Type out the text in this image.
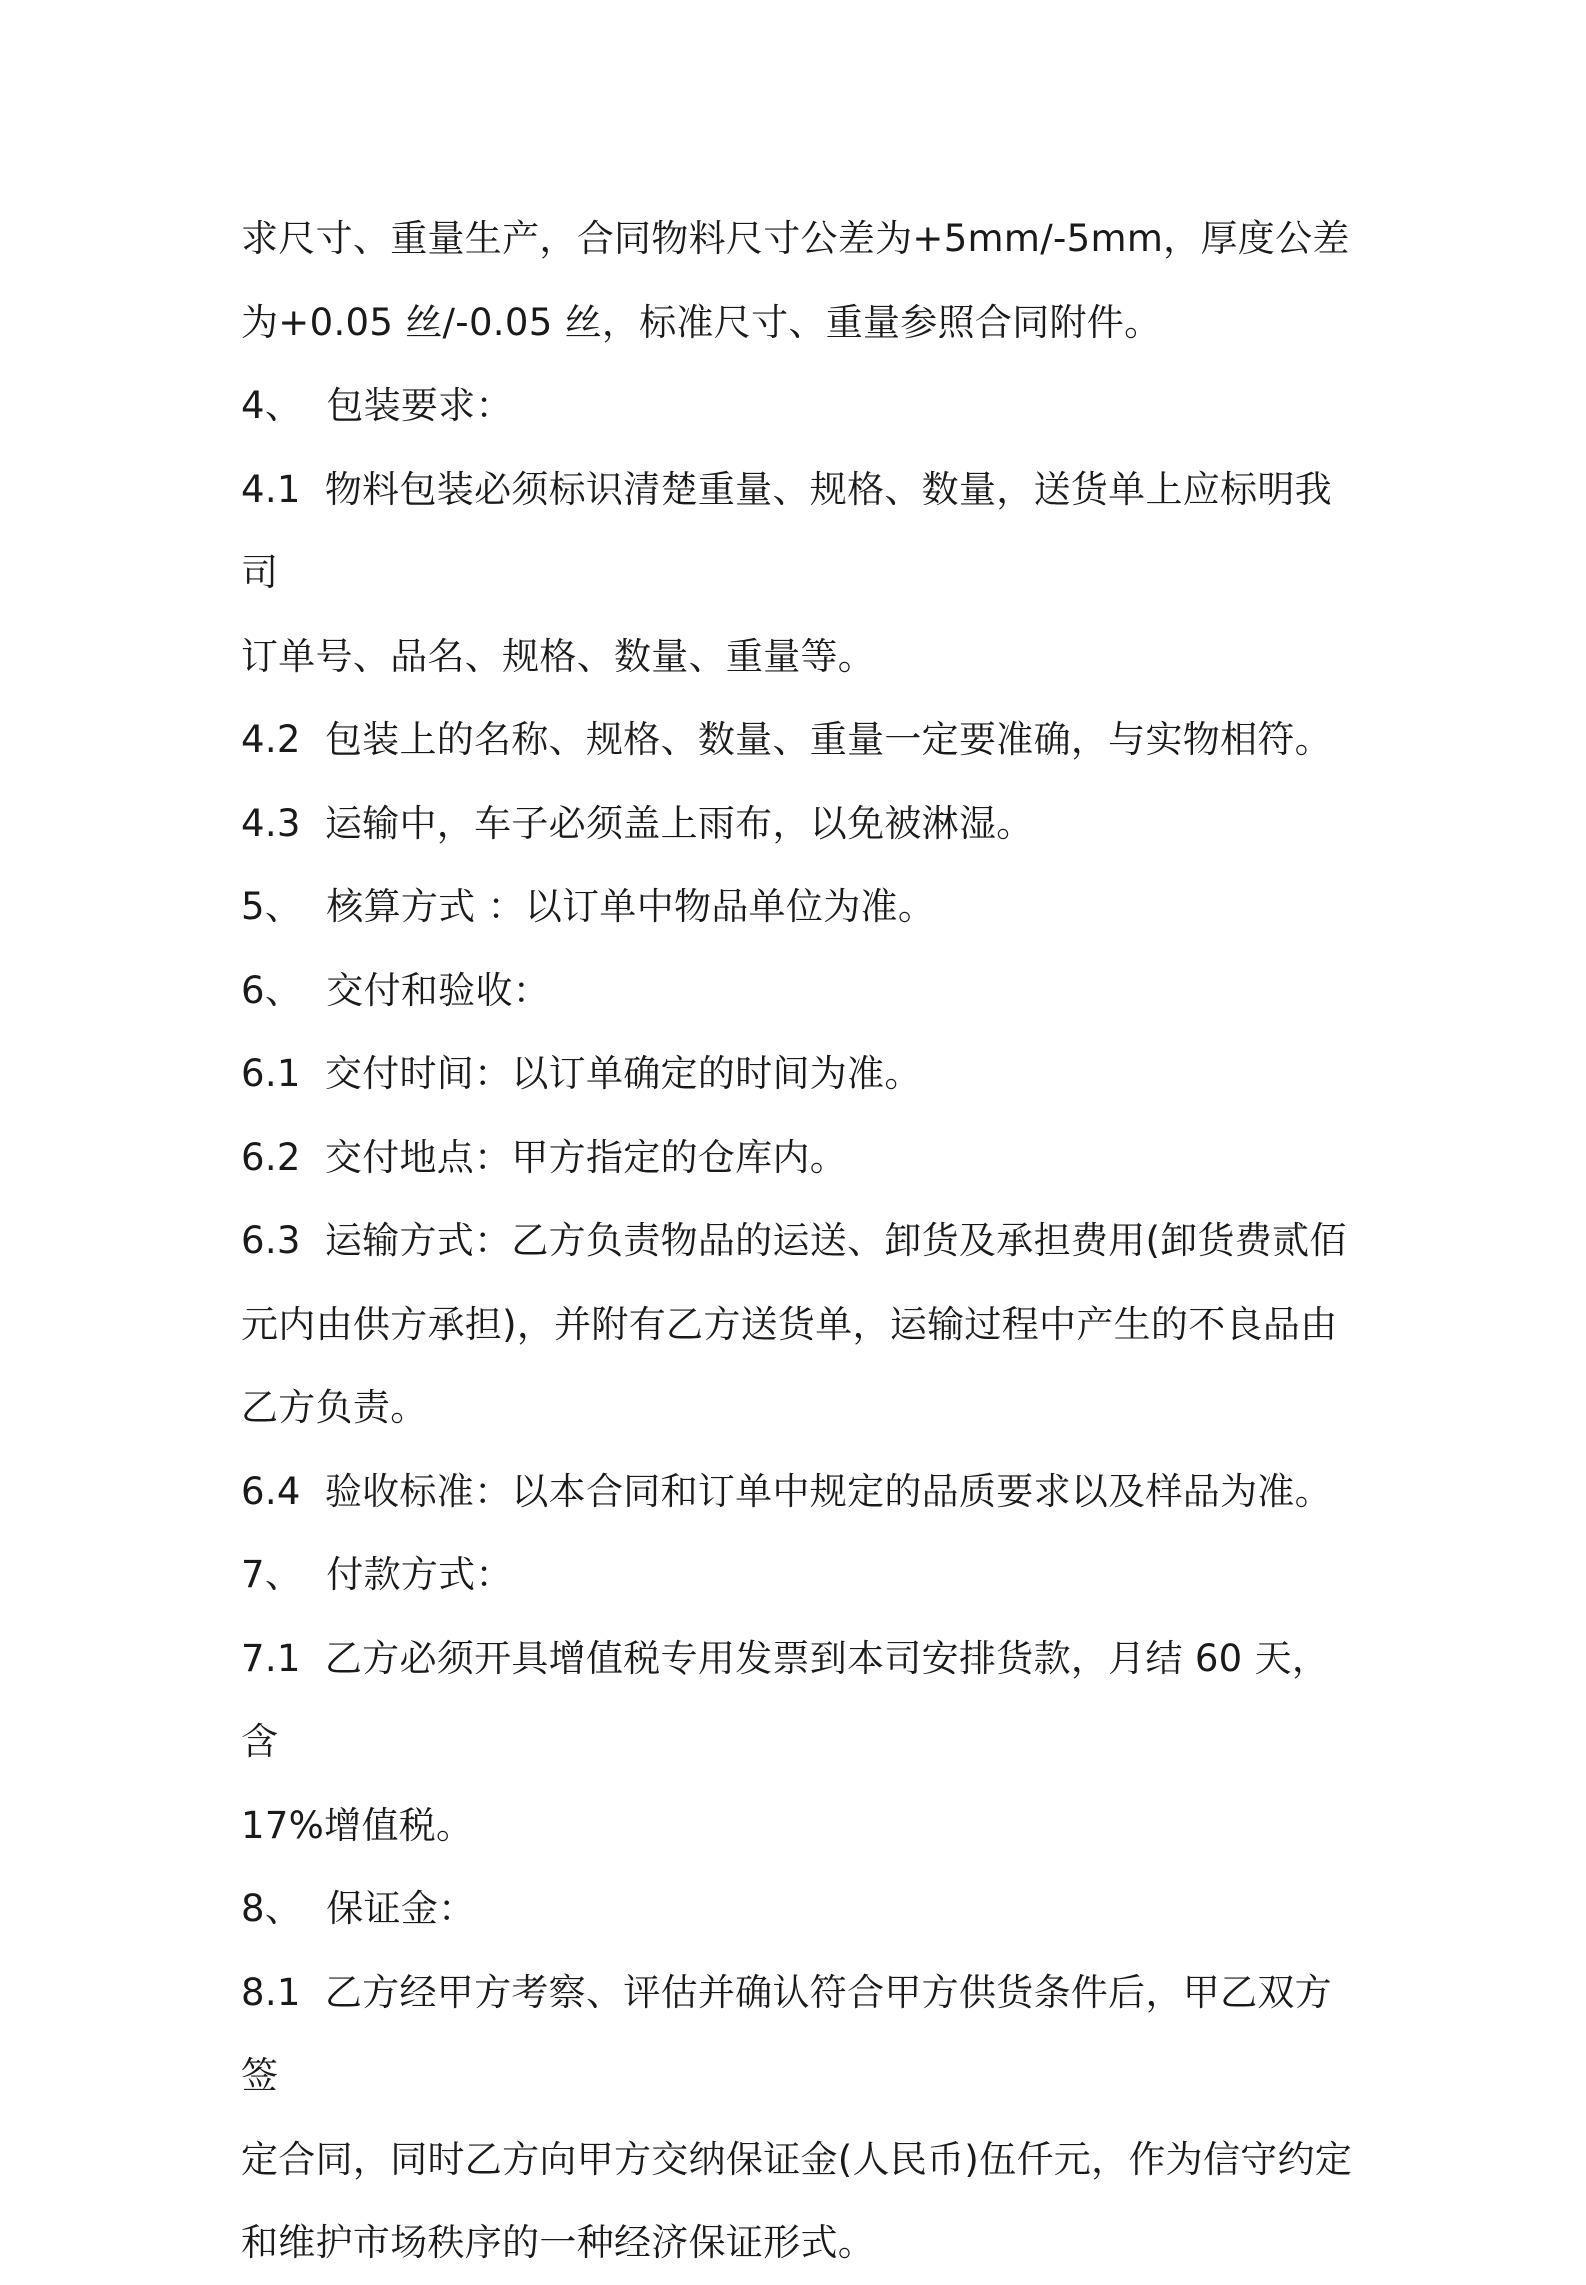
求尺寸、重量生产，合同物料尺寸公差为+5mm/-5mm，厚度公差

为+0.05 丝/-0.05 丝，标准尺寸、重量参照合同附件。

4、  包装要求：

4.1  物料包装必须标识清楚重量、规格、数量，送货单上应标明我司

订单号、品名、规格、数量、重量等。

4.2  包装上的名称、规格、数量、重量一定要准确，与实物相符。

4.3  运输中，车子必须盖上雨布，以免被淋湿。

5、  核算方式 ：以订单中物品单位为准。

6、  交付和验收：

6.1  交付时间：以订单确定的时间为准。

6.2  交付地点：甲方指定的仓库内。

6.3  运输方式：乙方负责物品的运送、卸货及承担费用(卸货费贰佰

元内由供方承担)，并附有乙方送货单，运输过程中产生的不良品由

乙方负责。

6.4  验收标准：以本合同和订单中规定的品质要求以及样品为准。

7、  付款方式：

7.1  乙方必须开具增值税专用发票到本司安排货款，月结 60 天，含

17%增值税。

8、  保证金：

8.1  乙方经甲方考察、评估并确认符合甲方供货条件后，甲乙双方签

定合同，同时乙方向甲方交纳保证金(人民币)伍仟元，作为信守约定

和维护市场秩序的一种经济保证形式。
